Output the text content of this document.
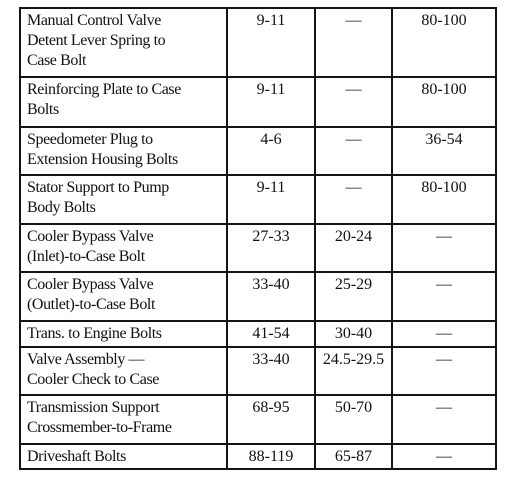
Manual Control Valve
Detent Lever Spring to
Case Bolt	9-11	—	80-100

Reinforcing Plate to Case
Bolts	9-11	—	80-100

Speedometer Plug to
Extension Housing Bolts	4-6	—	36-54

Stator Support to Pump
Body Bolts	9-11	—	80-100

Cooler Bypass Valve
(Inlet)-to-Case Bolt	27-33	20-24	—

Cooler Bypass Valve
(Outlet)-to-Case Bolt	33-40	25-29	—

Trans. to Engine Bolts	41-54	30-40	—

Valve Assembly —
Cooler Check to Case	33-40	24.5-29.5	—

Transmission Support
Crossmember-to-Frame	68-95	50-70	—

Driveshaft Bolts	88-119	65-87	—
